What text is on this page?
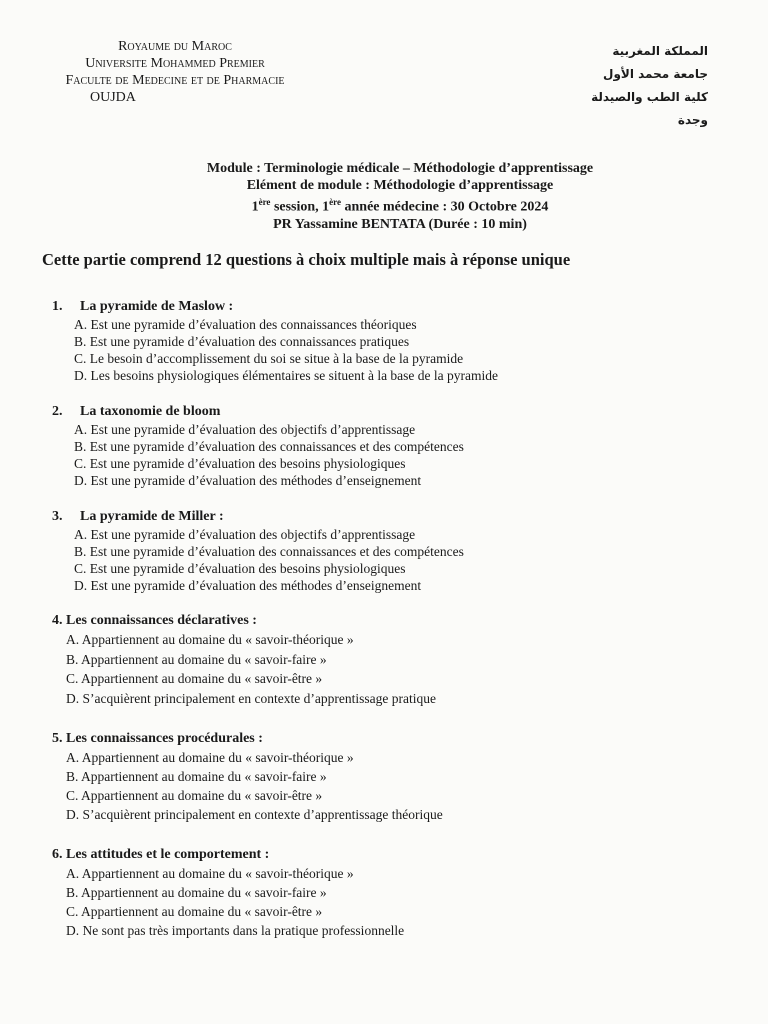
Royaume du Maroc
Universite Mohammed Premier
Faculte de Medecine et de Pharmacie
OUJDA
المملكة المغربية
جامعة محمد الأول
كلية الطب والصيدلة
وجدة
Module : Terminologie médicale – Méthodologie d’apprentissage
Elément de module : Méthodologie d’apprentissage
1ère session, 1ère année médecine : 30 Octobre 2024
PR Yassamine BENTATA (Durée : 10 min)
Cette partie comprend 12 questions à choix multiple mais à réponse unique
1. La pyramide de Maslow :
A. Est une pyramide d’évaluation des connaissances théoriques
B. Est une pyramide d’évaluation des connaissances pratiques
C. Le besoin d’accomplissement du soi se situe à la base de la pyramide
D. Les besoins physiologiques élémentaires se situent à la base de la pyramide
2. La taxonomie de bloom
A. Est une pyramide d’évaluation des objectifs d’apprentissage
B. Est une pyramide d’évaluation des connaissances et des compétences
C. Est une pyramide d’évaluation des besoins physiologiques
D. Est une pyramide d’évaluation des méthodes d’enseignement
3. La pyramide de Miller :
A. Est une pyramide d’évaluation des objectifs d’apprentissage
B. Est une pyramide d’évaluation des connaissances et des compétences
C. Est une pyramide d’évaluation des besoins physiologiques
D. Est une pyramide d’évaluation des méthodes d’enseignement
4. Les connaissances déclaratives :
A. Appartiennent au domaine du « savoir-théorique »
B. Appartiennent au domaine du « savoir-faire »
C. Appartiennent au domaine du « savoir-être »
D. S’acquièrent principalement en contexte d’apprentissage pratique
5. Les connaissances procédurales :
A. Appartiennent au domaine du « savoir-théorique »
B. Appartiennent au domaine du « savoir-faire »
C. Appartiennent au domaine du « savoir-être »
D. S’acquièrent principalement en contexte d’apprentissage théorique
6. Les attitudes et le comportement :
A. Appartiennent au domaine du « savoir-théorique »
B. Appartiennent au domaine du « savoir-faire »
C. Appartiennent au domaine du « savoir-être »
D. Ne sont pas très importants dans la pratique professionnelle
